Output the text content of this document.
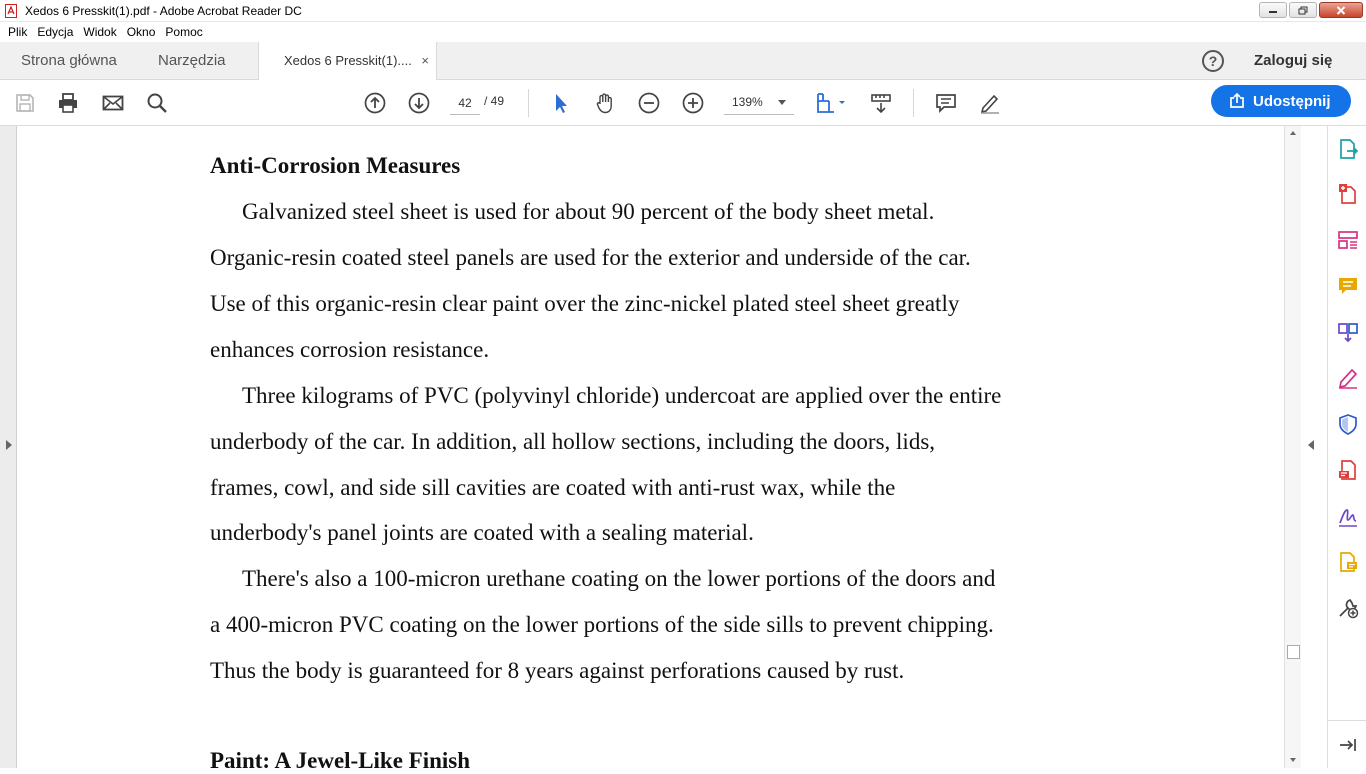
Xedos 6 Presskit(1).pdf - Adobe Acrobat Reader DC
Plik Edycja Widok Okno Pomoc
Strona główna	Narzędzia	Xedos 6 Presskit(1).... ×	?	Zaloguj się
42
/ 49	139%	Udostępnij
Anti-Corrosion Measures
Galvanized steel sheet is used for about 90 percent of the body sheet metal.
Organic-resin coated steel panels are used for the exterior and underside of the car.
Use of this organic-resin clear paint over the zinc-nickel plated steel sheet greatly
enhances corrosion resistance.
Three kilograms of PVC (polyvinyl chloride) undercoat are applied over the entire
underbody of the car. In addition, all hollow sections, including the doors, lids,
frames, cowl, and side sill cavities are coated with anti-rust wax, while the
underbody's panel joints are coated with a sealing material.
There's also a 100-micron urethane coating on the lower portions of the doors and
a 400-micron PVC coating on the lower portions of the side sills to prevent chipping.
Thus the body is guaranteed for 8 years against perforations caused by rust.
Paint: A Jewel-Like Finish
